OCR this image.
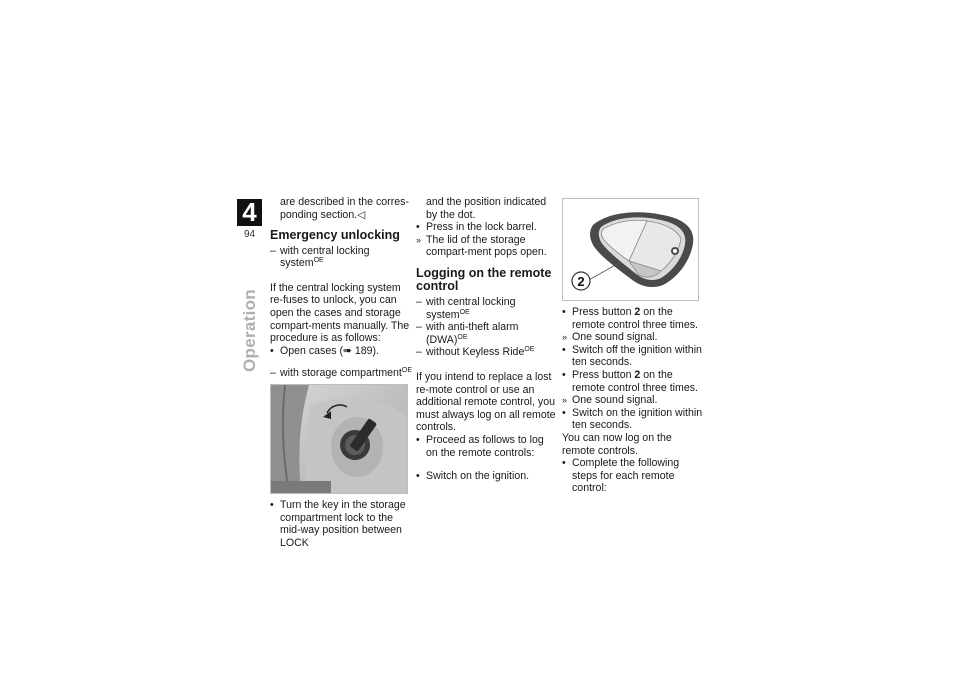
4
94
Operation

are described in the corres-ponding section.◁

Emergency unlocking

– with central locking system$^{OE}$

If the central locking system re-fuses to unlock, you can open the cases and storage compart-ments manually. The procedure is as follows:

• Open cases (➠ 189).

– with storage compartment$^{OE}$

• Turn the key in the storage compartment lock to the mid-way position between LOCK

and the position indicated by the dot.

• Press in the lock barrel.

» The lid of the storage compart-ment pops open.

Logging on the remote control

– with central locking system$^{OE}$

– with anti-theft alarm (DWA)$^{OE}$

– without Keyless Ride$^{OE}$

If you intend to replace a lost re-mote control or use an additional remote control, you must always log on all remote controls.

• Proceed as follows to log on the remote controls:

• Switch on the ignition.

2

• Press button 2 on the remote control three times.

» One sound signal.

• Switch off the ignition within ten seconds.

• Press button 2 on the remote control three times.

» One sound signal.

• Switch on the ignition within ten seconds.

You can now log on the remote controls.

• Complete the following steps for each remote control:
